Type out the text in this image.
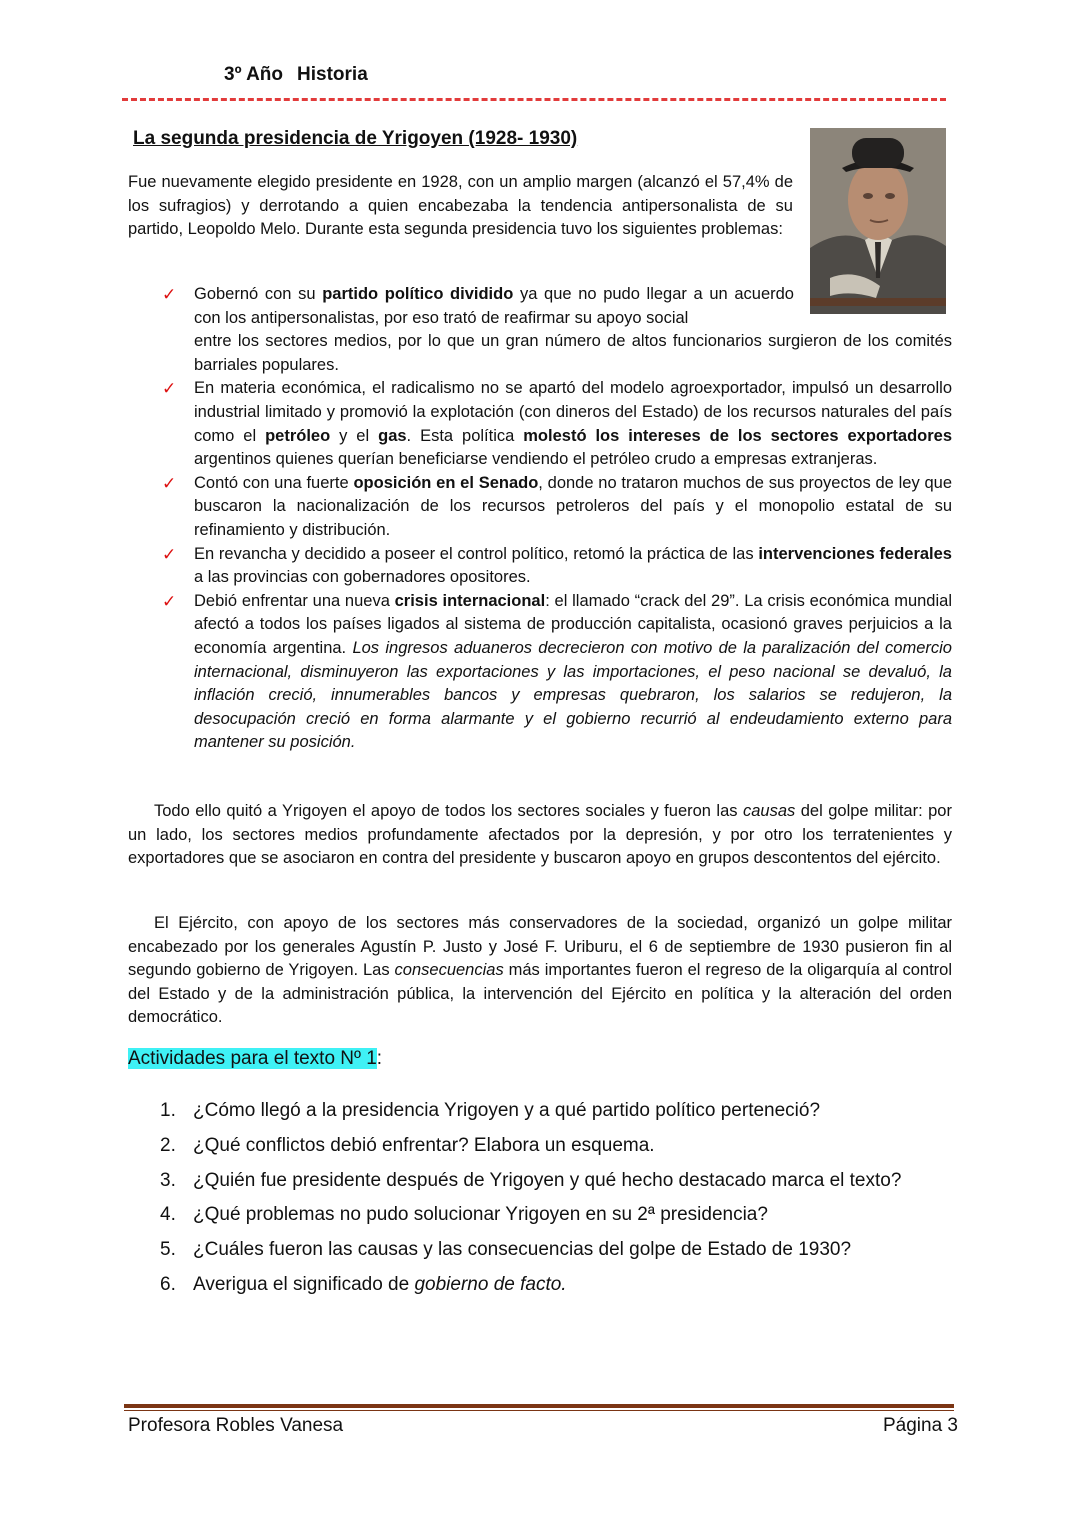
3º Año Historia
La segunda presidencia de Yrigoyen (1928- 1930)
Fue nuevamente elegido presidente en 1928, con un amplio margen (alcanzó el 57,4% de los sufragios) y derrotando a quien encabezaba la tendencia antipersonalista de su partido, Leopoldo Melo. Durante esta segunda presidencia tuvo los siguientes problemas:
✓ Gobernó con su partido político dividido ya que no pudo llegar a un acuerdo con los antipersonalistas, por eso trató de reafirmar su apoyo social
entre los sectores medios, por lo que un gran número de altos funcionarios surgieron de los comités barriales populares.
✓ En materia económica, el radicalismo no se apartó del modelo agroexportador, impulsó un desarrollo industrial limitado y promovió la explotación (con dineros del Estado) de los recursos naturales del país como el petróleo y el gas. Esta política molestó los intereses de los sectores exportadores argentinos quienes querían beneficiarse vendiendo el petróleo crudo a empresas extranjeras.
✓ Contó con una fuerte oposición en el Senado, donde no trataron muchos de sus proyectos de ley que buscaron la nacionalización de los recursos petroleros del país y el monopolio estatal de su refinamiento y distribución.
✓ En revancha y decidido a poseer el control político, retomó la práctica de las intervenciones federales a las provincias con gobernadores opositores.
✓ Debió enfrentar una nueva crisis internacional: el llamado “crack del 29”. La crisis económica mundial afectó a todos los países ligados al sistema de producción capitalista, ocasionó graves perjuicios a la economía argentina. Los ingresos aduaneros decrecieron con motivo de la paralización del comercio internacional, disminuyeron las exportaciones y las importaciones, el peso nacional se devaluó, la inflación creció, innumerables bancos y empresas quebraron, los salarios se redujeron, la desocupación creció en forma alarmante y el gobierno recurrió al endeudamiento externo para mantener su posición.

Todo ello quitó a Yrigoyen el apoyo de todos los sectores sociales y fueron las causas del golpe militar: por un lado, los sectores medios profundamente afectados por la depresión, y por otro los terratenientes y exportadores que se asociaron en contra del presidente y buscaron apoyo en grupos descontentos del ejército.

El Ejército, con apoyo de los sectores más conservadores de la sociedad, organizó un golpe militar encabezado por los generales Agustín P. Justo y José F. Uriburu, el 6 de septiembre de 1930 pusieron fin al segundo gobierno de Yrigoyen. Las consecuencias más importantes fueron el regreso de la oligarquía al control del Estado y de la administración pública, la intervención del Ejército en política y la alteración del orden democrático.

Actividades para el texto Nº 1:
1. ¿Cómo llegó a la presidencia Yrigoyen y a qué partido político perteneció?
2. ¿Qué conflictos debió enfrentar? Elabora un esquema.
3. ¿Quién fue presidente después de Yrigoyen y qué hecho destacado marca el texto?
4. ¿Qué problemas no pudo solucionar Yrigoyen en su 2ª presidencia?
5. ¿Cuáles fueron las causas y las consecuencias del golpe de Estado de 1930?
6. Averigua el significado de gobierno de facto.
Profesora Robles Vanesa	Página 3
